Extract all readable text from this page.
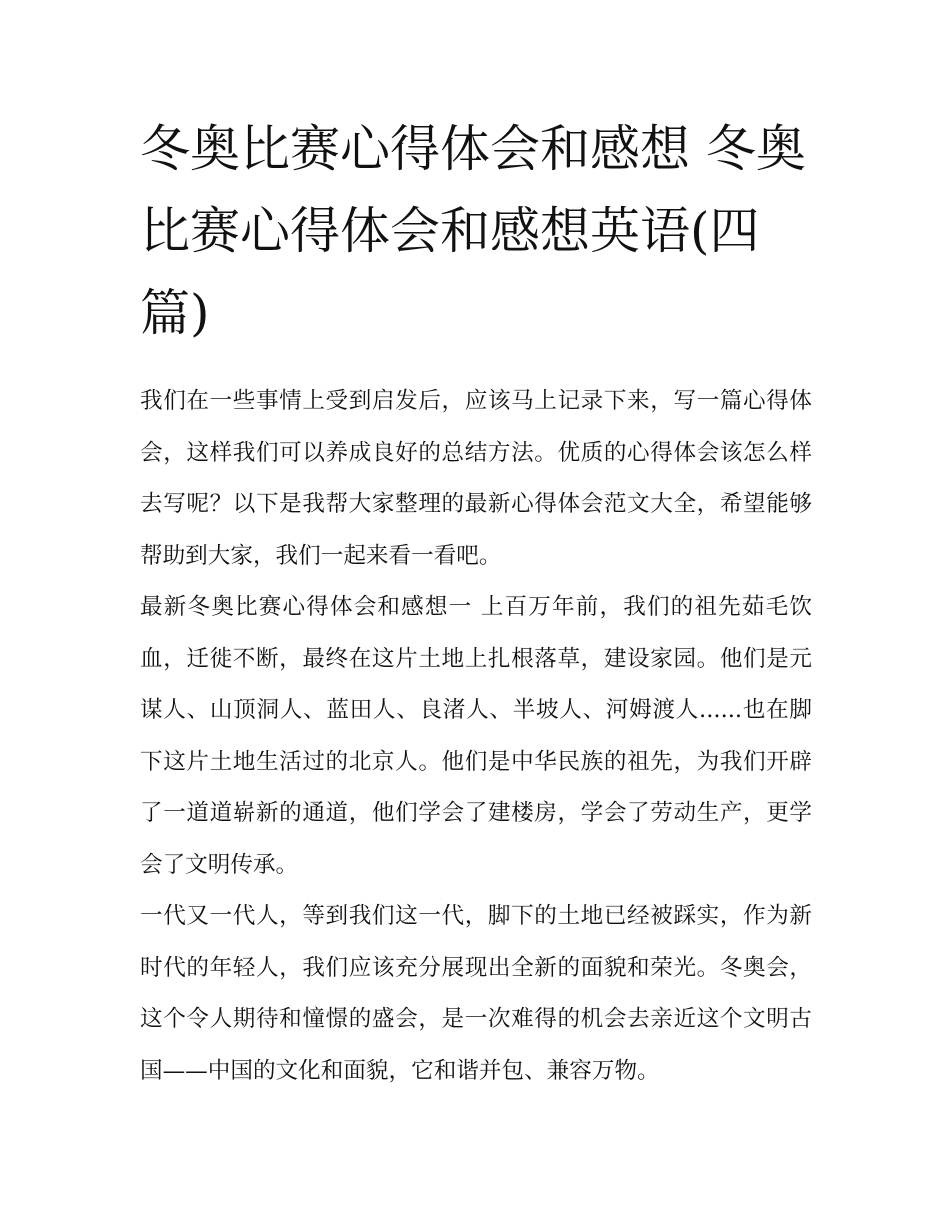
冬奥比赛心得体会和感想 冬奥比赛心得体会和感想英语(四篇)

我们在一些事情上受到启发后，应该马上记录下来，写一篇心得体会，这样我们可以养成良好的总结方法。优质的心得体会该怎么样去写呢？以下是我帮大家整理的最新心得体会范文大全，希望能够帮助到大家，我们一起来看一看吧。

最新冬奥比赛心得体会和感想一 上百万年前，我们的祖先茹毛饮血，迁徙不断，最终在这片土地上扎根落草，建设家园。他们是元谋人、山顶洞人、蓝田人、良渚人、半坡人、河姆渡人......也在脚下这片土地生活过的北京人。他们是中华民族的祖先，为我们开辟了一道道崭新的通道，他们学会了建楼房，学会了劳动生产，更学会了文明传承。

一代又一代人，等到我们这一代，脚下的土地已经被踩实，作为新时代的年轻人，我们应该充分展现出全新的面貌和荣光。冬奥会，这个令人期待和憧憬的盛会，是一次难得的机会去亲近这个文明古国——中国的文化和面貌，它和谐并包、兼容万物。
